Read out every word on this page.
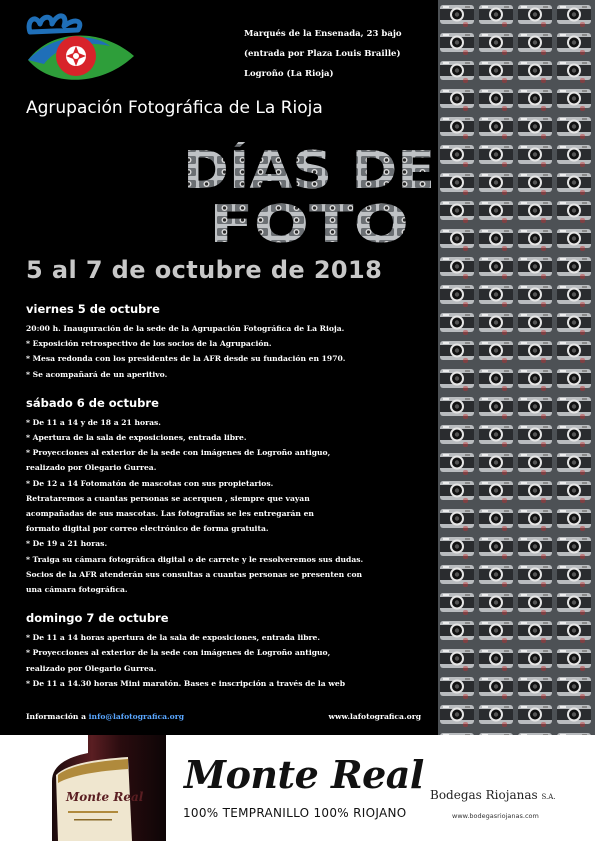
Marqués de la Ensenada, 23 bajo
(entrada por Plaza Louis Braille)
Logroño (La Rioja)
Agrupación Fotográfica de La Rioja
DÍAS DE
FOTO
5 al 7 de octubre de 2018
viernes 5 de octubre
20:00 h. Inauguración de la sede de la Agrupación Fotográfica de La Rioja.
* Exposición retrospectivo de los socios de la Agrupación.
* Mesa redonda con los presidentes de la AFR desde su fundación en 1970.
* Se acompañará de un aperitivo.
sábado 6 de octubre
* De 11 a 14 y de 18 a 21 horas.
* Apertura de la sala de exposiciones, entrada libre.
* Proyecciones al exterior de la sede con imágenes de Logroño antiguo,
realizado por Olegario Gurrea.
* De 12 a 14 Fotomatón de mascotas con sus propietarios.
Retrataremos a cuantas personas se acerquen , siempre que vayan
acompañadas de sus mascotas. Las fotografías se les entregarán en
formato digital por correo electrónico de forma gratuita.
* De 19 a 21 horas.
* Traiga su cámara fotográfica digital o de carrete y le resolveremos sus dudas.
Socios de la AFR atenderán sus consultas a cuantas personas se presenten con
una cámara fotográfica.
domingo 7 de octubre
* De 11 a 14 horas apertura de la sala de exposiciones, entrada libre.
* Proyecciones al exterior de la sede con imágenes de Logroño antiguo,
realizado por Olegario Gurrea.
* De 11 a 14.30 horas Mini maratón. Bases e inscripción a través de la web
Información a info@lafotografica.org	www.lafotografica.org
Monte Real Monte Real
100% TEMPRANILLO 100% RIOJANO
Bodegas Riojanas S.A.
www.bodegasriojanas.com
